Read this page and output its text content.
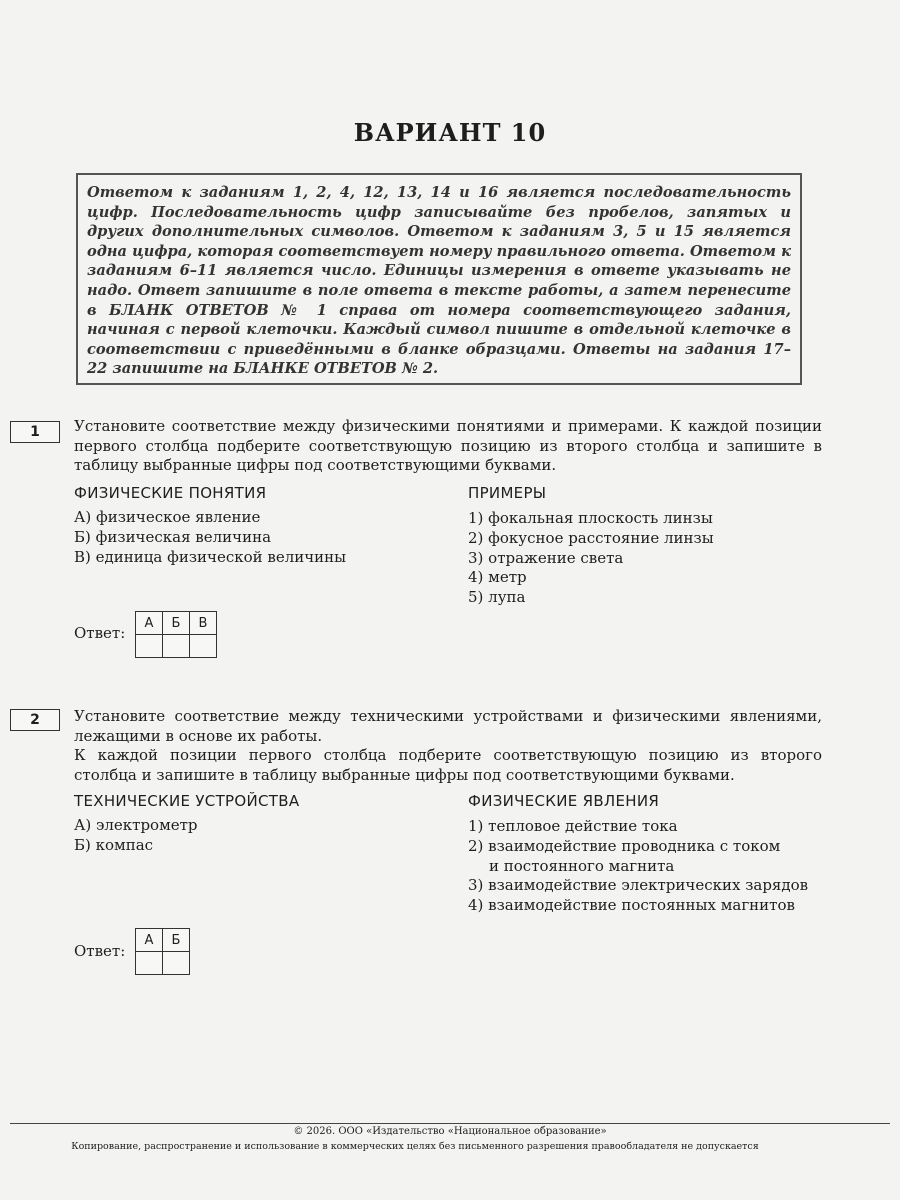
ВАРИАНТ 10
Ответом к заданиям 1, 2, 4, 12, 13, 14 и 16 является последовательность цифр. Последовательность цифр записывайте без пробелов, запятых и других дополнительных символов. Ответом к заданиям 3, 5 и 15 является одна цифра, которая соответствует номеру правильного ответа. Ответом к заданиям 6–11 является число. Единицы измерения в ответе указывать не надо. Ответ запишите в поле ответа в тексте работы, а затем перенесите в БЛАНК ОТВЕТОВ № 1 справа от номера соответствующего задания, начиная с первой клеточки. Каждый символ пишите в отдельной клеточке в соответствии с приведёнными в бланке образцами. Ответы на задания 17–22 запишите на БЛАНКЕ ОТВЕТОВ № 2.
1	Установите соответствие между физическими понятиями и примерами. К каждой позиции первого столбца подберите соответствующую позицию из второго столбца и запишите в таблицу выбранные цифры под соответствующими буквами.
ФИЗИЧЕСКИЕ ПОНЯТИЯ
А) физическое явление
Б) физическая величина
В) единица физической величины
ПРИМЕРЫ
1) фокальная плоскость линзы
2) фокусное расстояние линзы
3) отражение света
4) метр
5) лупа
Ответ:
А	Б	В

2	Установите соответствие между техническими устройствами и физическими явлениями, лежащими в основе их работы.
К каждой позиции первого столбца подберите соответствующую позицию из второго столбца и запишите в таблицу выбранные цифры под соответствующими буквами.
ТЕХНИЧЕСКИЕ УСТРОЙСТВА
А) электрометр
Б) компас
ФИЗИЧЕСКИЕ ЯВЛЕНИЯ
1) тепловое действие тока
2) взаимодействие проводника с током
и постоянного магнита
3) взаимодействие электрических зарядов
4) взаимодействие постоянных магнитов
Ответ:
А	Б

© 2026. ООО «Издательство «Национальное образование»
Копирование, распространение и использование в коммерческих целях без письменного разрешения правообладателя не допускается
